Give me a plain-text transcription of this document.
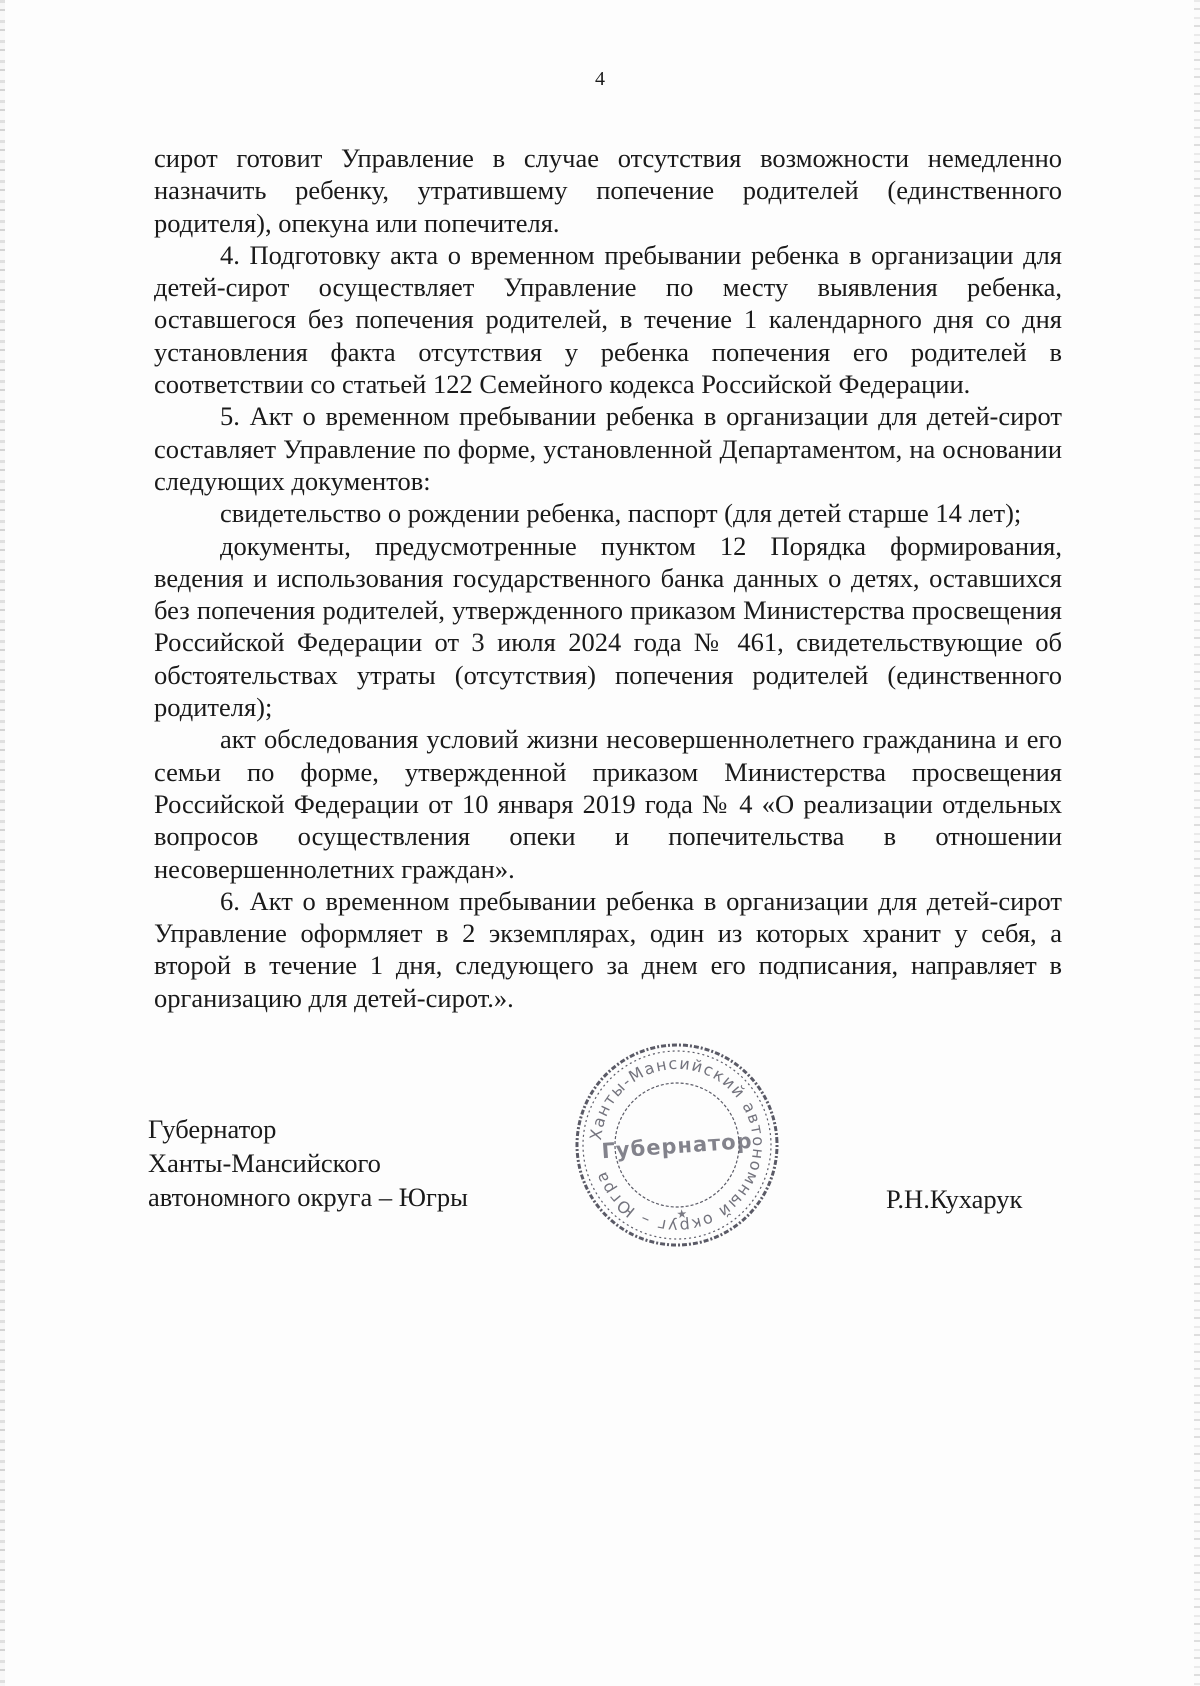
4

сирот готовит Управление в случае отсутствия возможности немедленно назначить ребенку, утратившему попечение родителей (единственного родителя), опекуна или попечителя.

4. Подготовку акта о временном пребывании ребенка в организации для детей-сирот осуществляет Управление по месту выявления ребенка, оставшегося без попечения родителей, в течение 1 календарного дня со дня установления факта отсутствия у ребенка попечения его родителей в соответствии со статьей 122 Семейного кодекса Российской Федерации.

5. Акт о временном пребывании ребенка в организации для детей-сирот составляет Управление по форме, установленной Департаментом, на основании следующих документов:

свидетельство о рождении ребенка, паспорт (для детей старше 14 лет);

документы, предусмотренные пунктом 12 Порядка формирования, ведения и использования государственного банка данных о детях, оставшихся без попечения родителей, утвержденного приказом Министерства просвещения Российской Федерации от 3 июля 2024 года № 461, свидетельствующие об обстоятельствах утраты (отсутствия) попечения родителей (единственного родителя);

акт обследования условий жизни несовершеннолетнего гражданина и его семьи по форме, утвержденной приказом Министерства просвещения Российской Федерации от 10 января 2019 года № 4 «О реализации отдельных вопросов осуществления опеки и попечительства в отношении несовершеннолетних граждан».

6. Акт о временном пребывании ребенка в организации для детей-сирот Управление оформляет в 2 экземплярах, один из которых хранит у себя, а второй в течение 1 дня, следующего за днем его подписания, направляет в организацию для детей-сирот.».

Губернатор
Ханты-Мансийского
автономного округа – Югры
Ханты-Мансийский автономный округ – Югра
Губернатор
★	Р.Н.Кухарук
